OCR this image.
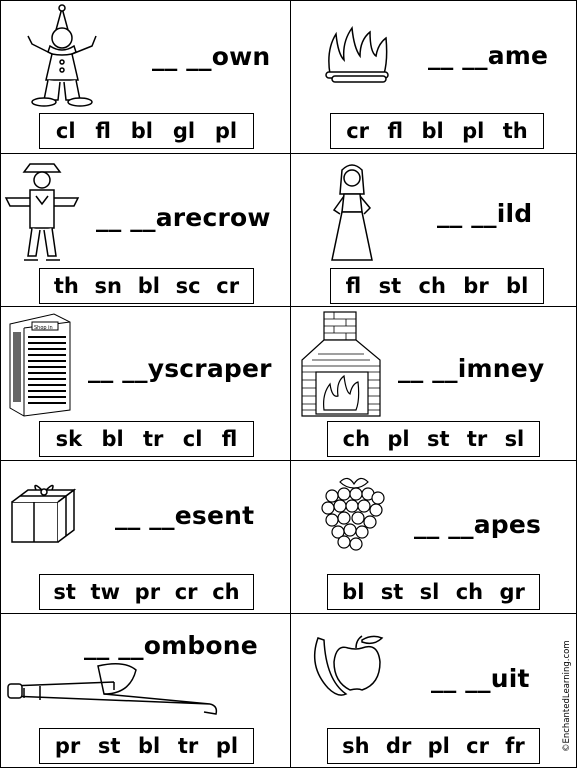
__ __own
cl fl bl gl pl
__ __ame
cr fl bl pl th
__ __arecrow
th sn bl sc cr
__ __ild
fl st ch br bl
Shop in
__ __yscraper
sk bl tr cl fl
__ __imney
ch pl st tr sl
__ __esent
st tw pr cr ch
__ __apes
bl st sl ch gr
__ __ombone
pr st bl tr pl
__ __uit
sh dr pl cr fr	©EnchantedLearning.com
